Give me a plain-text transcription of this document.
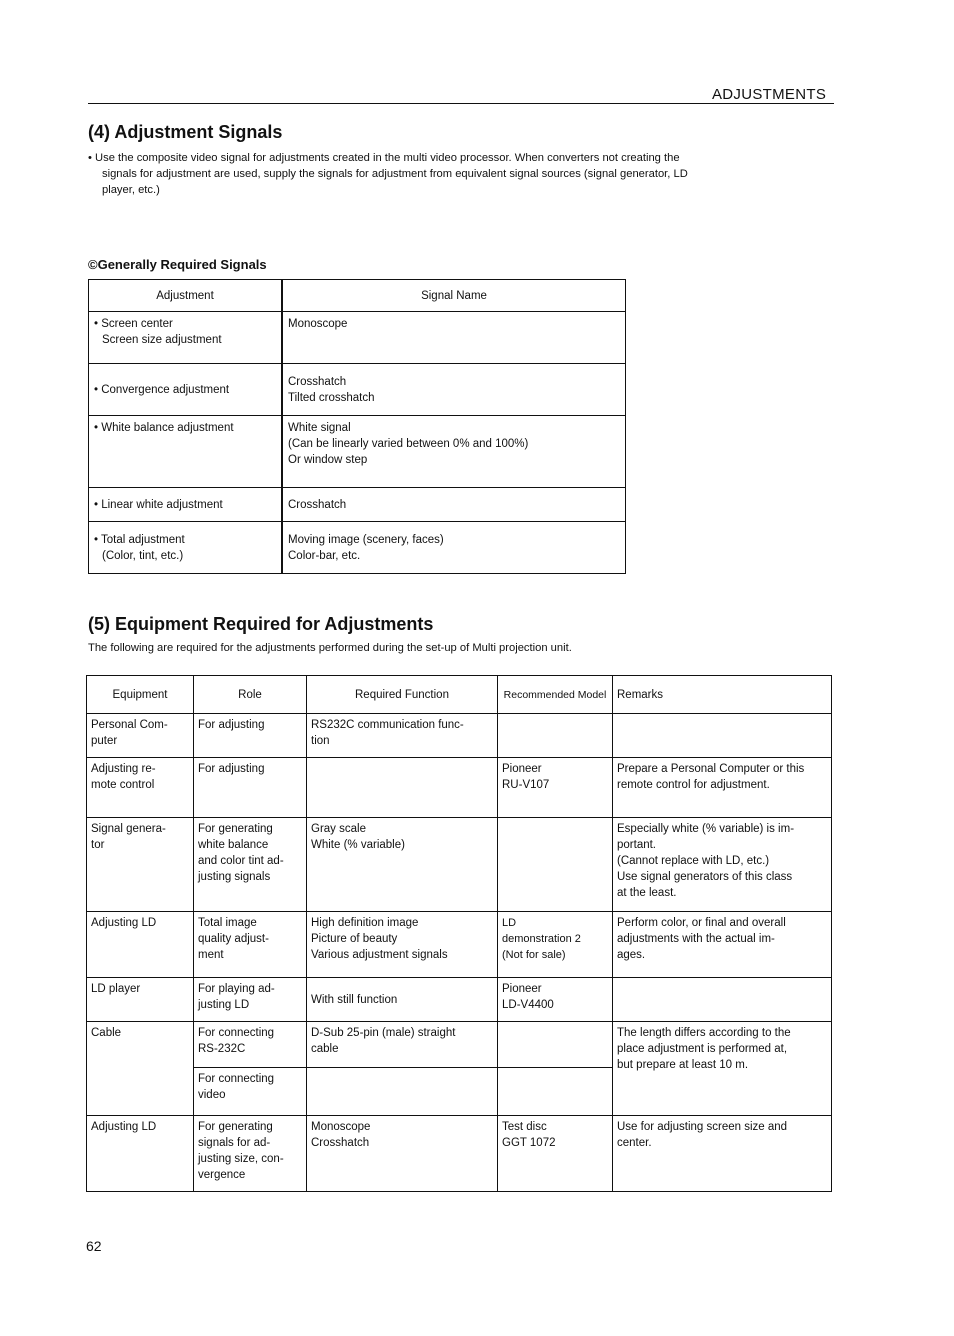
ADJUSTMENTS
(4) Adjustment Signals
• Use the composite video signal for adjustments created in the multi video processor. When converters not creating the
signals for adjustment are used, supply the signals for adjustment from equivalent signal sources (signal generator, LD
player, etc.)
©Generally Required Signals
Adjustment	Signal Name

• Screen center
Screen size adjustment	Monoscope

• Convergence adjustment	Crosshatch
Tilted crosshatch

• White balance adjustment	White signal
(Can be linearly varied between 0% and 100%)
Or window step

• Linear white adjustment	Crosshatch

• Total adjustment
(Color, tint, etc.)	Moving image (scenery, faces)
Color-bar, etc.
(5) Equipment Required for Adjustments
The following are required for the adjustments performed during the set-up of Multi projection unit.
Equipment	Role	Required Function	Recommended Model	Remarks

Personal Com-
puter	For adjusting	RS232C communication func-
tion		

Adjusting re-
mote control	For adjusting		Pioneer
RU-V107	Prepare a Personal Computer or this
remote control for adjustment.

Signal genera-
tor	For generating
white balance
and color tint ad-
justing signals	Gray scale
White (% variable)		Especially white (% variable) is im-
portant.
(Cannot replace with LD, etc.)
Use signal generators of this class
at the least.

Adjusting LD	Total image
quality adjust-
ment	High definition image
Picture of beauty
Various adjustment signals	LD
demonstration 2
(Not for sale)	Perform color, or final and overall
adjustments with the actual im-
ages.

LD player	For playing ad-
justing LD	With still function	Pioneer
LD-V4400	

Cable	For connecting
RS-232C	D-Sub 25-pin (male) straight
cable		The length differs according to the
place adjustment is performed at,
but prepare at least 10 m.

	For connecting
video			

Adjusting LD	For generating
signals for ad-
justing size, con-
vergence	Monoscope
Crosshatch	Test disc
GGT 1072	Use for adjusting screen size and
center.
62
